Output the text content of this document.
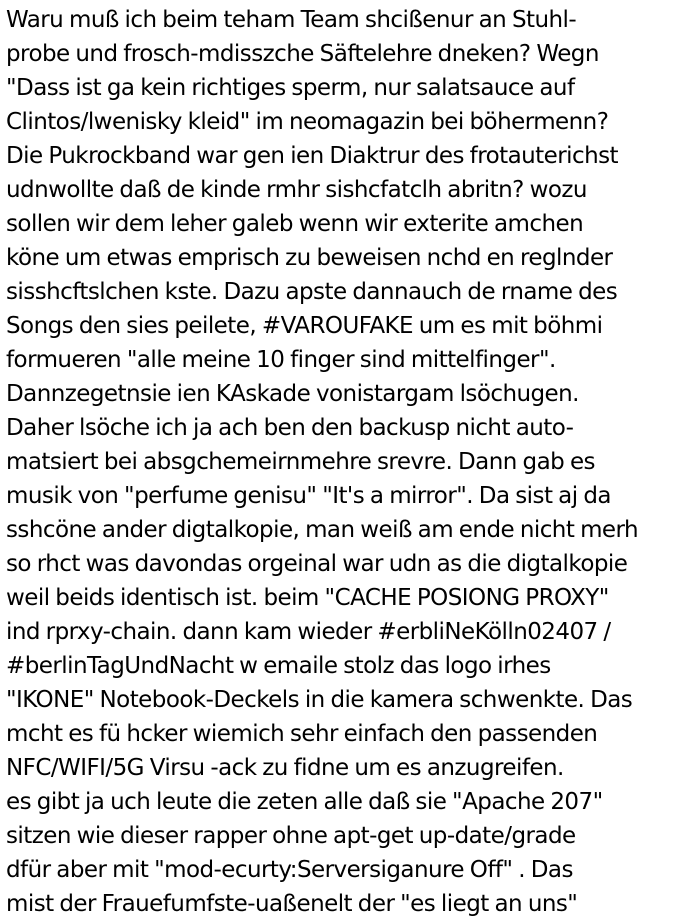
Waru muß ich beim teham Team shcißenur an Stuhl-
probe und frosch-mdisszche Säftelehre dneken? Wegn
"Dass ist ga kein richtiges sperm, nur salatsauce auf
Clintos/lwenisky kleid" im neomagazin bei böhermenn?
Die Pukrockband war gen ien Diaktrur des frotauterichst
udnwollte daß de kinde rmhr sishcfatclh abritn? wozu
sollen wir dem leher galeb wenn wir exterite amchen
köne um etwas emprisch zu beweisen nchd en reglnder
sisshcftslchen kste. Dazu apste dannauch de rname des
Songs den sies peilete, #VAROUFAKE um es mit böhmi
formueren "alle meine 10 finger sind mittelfinger".
Dannzegetnsie ien KAskade vonistargam lsöchugen.
Daher lsöche ich ja ach ben den backusp nicht auto-
matsiert bei absgchemeirnmehre srevre. Dann gab es
musik von "perfume genisu" "It's a mirror". Da sist aj da
sshcöne ander digtalkopie, man weiß am ende nicht merh
so rhct was davondas orgeinal war udn as die digtalkopie
weil beids identisch ist. beim "CACHE POSIONG PROXY"
ind rprxy-chain. dann kam wieder #erbliNeKölln02407 /
#berlinTagUndNacht w emaile stolz das logo irhes
"IKONE" Notebook-Deckels in die kamera schwenkte. Das
mcht es fü hcker wiemich sehr einfach den passenden
NFC/WIFI/5G Virsu -ack zu fidne um es anzugreifen.
es gibt ja uch leute die zeten alle daß sie "Apache 207"
sitzen wie dieser rapper ohne apt-get up-date/grade
dfür aber mit "mod-ecurty:Serversiganure Off" . Das
mist der Frauefumfste-uaßenelt der "es liegt an uns"
